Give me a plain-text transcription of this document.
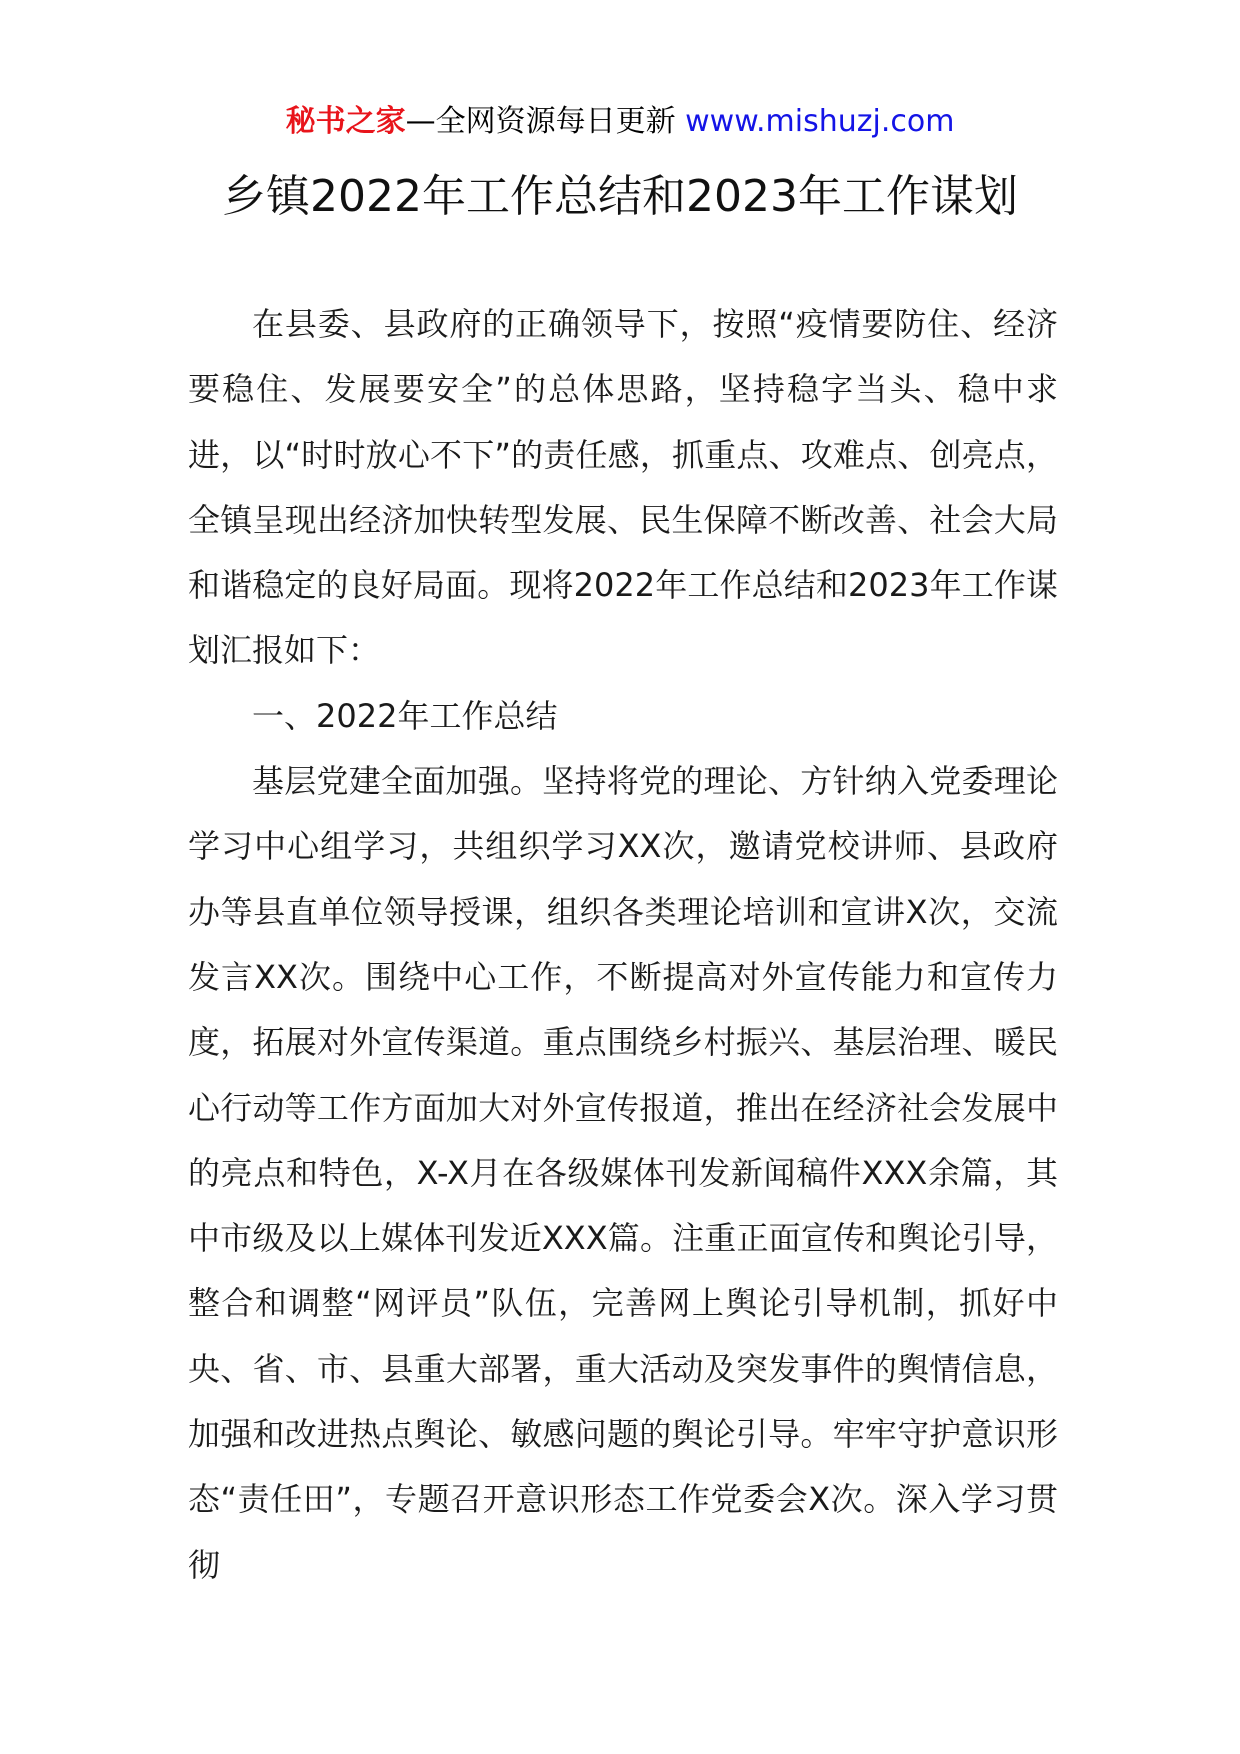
秘书之家—全网资源每日更新 www.mishuzj.com
乡镇2022年工作总结和2023年工作谋划

在县委、县政府的正确领导下，按照“疫情要防住、经济要稳住、发展要安全”的总体思路，坚持稳字当头、稳中求进，以“时时放心不下”的责任感，抓重点、攻难点、创亮点，全镇呈现出经济加快转型发展、民生保障不断改善、社会大局和谐稳定的良好局面。现将2022年工作总结和2023年工作谋划汇报如下：

一、2022年工作总结

基层党建全面加强。坚持将党的理论、方针纳入党委理论学习中心组学习，共组织学习XX次，邀请党校讲师、县政府办等县直单位领导授课，组织各类理论培训和宣讲X次，交流发言XX次。围绕中心工作，不断提高对外宣传能力和宣传力度，拓展对外宣传渠道。重点围绕乡村振兴、基层治理、暖民心行动等工作方面加大对外宣传报道，推出在经济社会发展中的亮点和特色，X-X月在各级媒体刊发新闻稿件XXX余篇，其中市级及以上媒体刊发近XXX篇。注重正面宣传和舆论引导，整合和调整“网评员”队伍，完善网上舆论引导机制，抓好中央、省、市、县重大部署，重大活动及突发事件的舆情信息，加强和改进热点舆论、敏感问题的舆论引导。牢牢守护意识形态“责任田”，专题召开意识形态工作党委会X次。深入学习贯彻
